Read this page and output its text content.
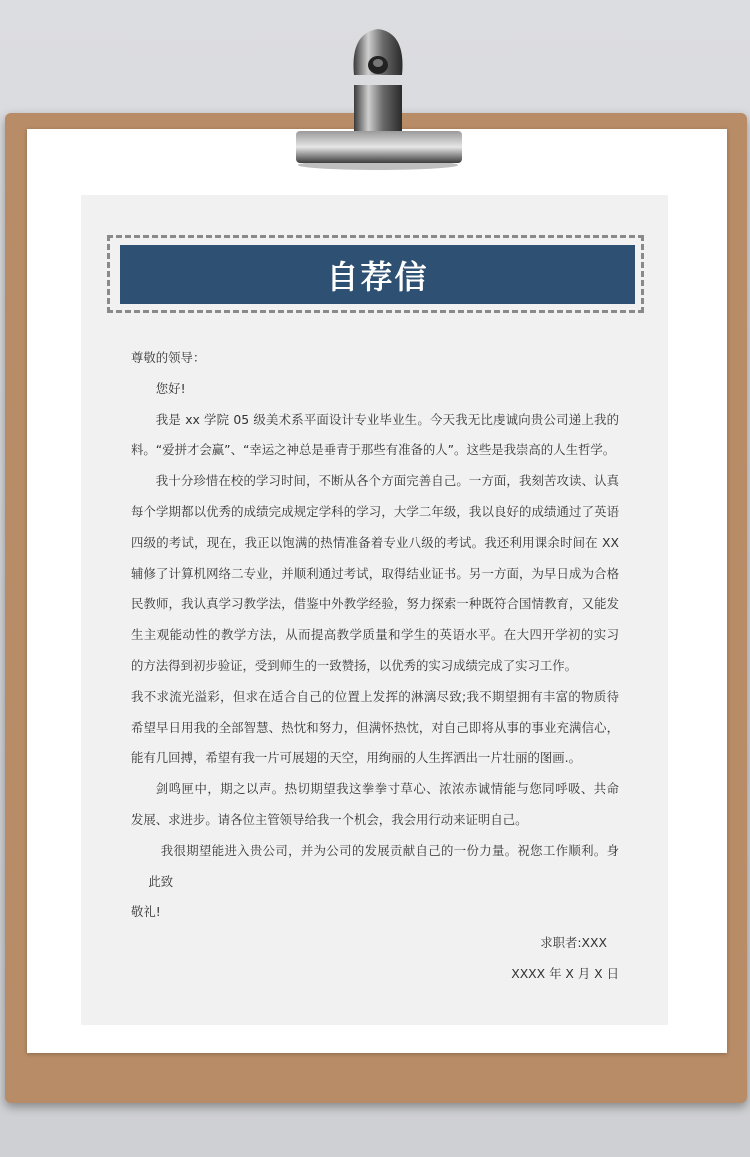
自荐信
尊敬的领导：
您好!
我是 xx 学院 05 级美术系平面设计专业毕业生。今天我无比虔诚向贵公司递上我的
料。“爱拼才会赢”、“幸运之神总是垂青于那些有准备的人”。这些是我崇高的人生哲学。
我十分珍惜在校的学习时间，不断从各个方面完善自己。一方面，我刻苦攻读、认真
每个学期都以优秀的成绩完成规定学科的学习，大学二年级，我以良好的成绩通过了英语
四级的考试，现在，我正以饱满的热情准备着专业八级的考试。我还利用课余时间在 XX
辅修了计算机网络二专业，并顺利通过考试，取得结业证书。另一方面，为早日成为合格
民教师，我认真学习教学法，借鉴中外教学经验，努力探索一种既符合国情教育，又能发
生主观能动性的教学方法，从而提高教学质量和学生的英语水平。在大四开学初的实习
的方法得到初步验证，受到师生的一致赞扬，以优秀的实习成绩完成了实习工作。
我不求流光溢彩，但求在适合自己的位置上发挥的淋漓尽致;我不期望拥有丰富的物质待
希望早日用我的全部智慧、热忱和努力，但满怀热忱，对自己即将从事的事业充满信心，
能有几回搏，希望有我一片可展翅的天空，用绚丽的人生挥洒出一片壮丽的图画.。
剑鸣匣中，期之以声。热切期望我这拳拳寸草心、浓浓赤诚情能与您同呼吸、共命
发展、求进步。请各位主管领导给我一个机会，我会用行动来证明自己。
我很期望能进入贵公司，并为公司的发展贡献自己的一份力量。祝您工作顺利。身
此致
敬礼!
求职者:XXX
XXXX 年 X 月 X 日
